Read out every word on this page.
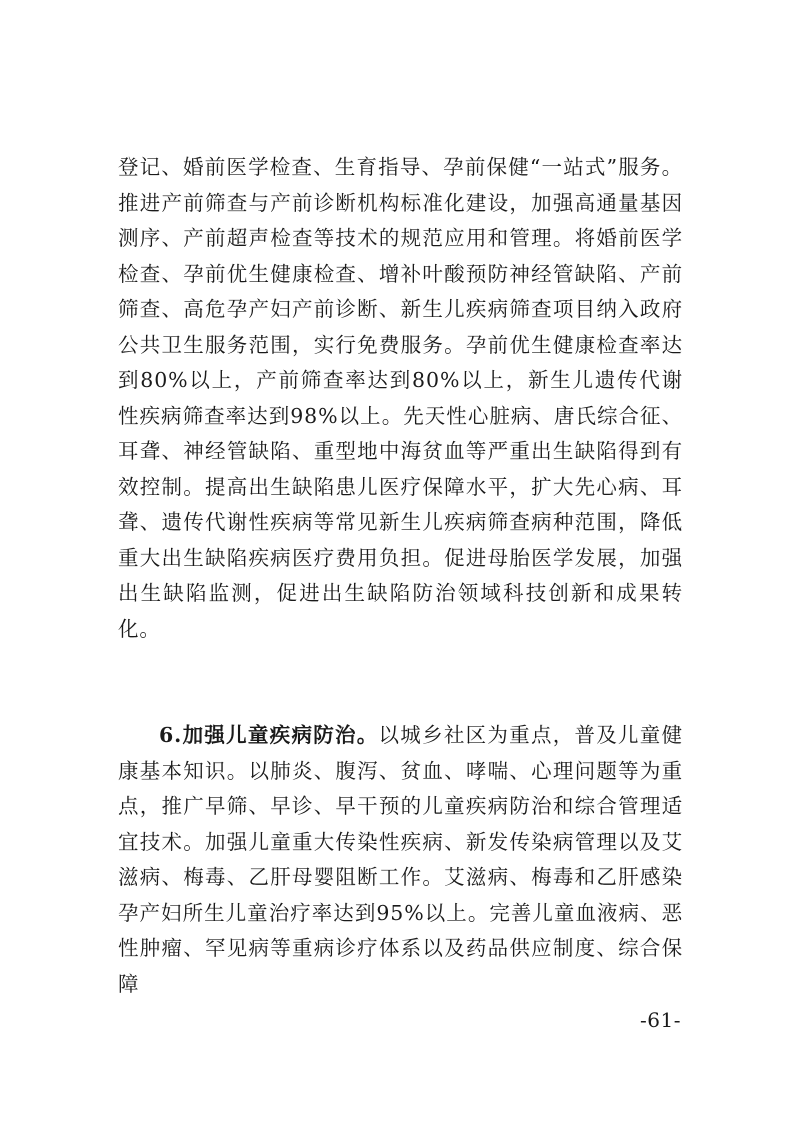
登记、婚前医学检查、生育指导、孕前保健“一站式”服务。推进产前筛查与产前诊断机构标准化建设，加强高通量基因测序、产前超声检查等技术的规范应用和管理。将婚前医学检查、孕前优生健康检查、增补叶酸预防神经管缺陷、产前筛查、高危孕产妇产前诊断、新生儿疾病筛查项目纳入政府公共卫生服务范围，实行免费服务。孕前优生健康检查率达到80%以上，产前筛查率达到80%以上，新生儿遗传代谢性疾病筛查率达到98%以上。先天性心脏病、唐氏综合征、耳聋、神经管缺陷、重型地中海贫血等严重出生缺陷得到有效控制。提高出生缺陷患儿医疗保障水平，扩大先心病、耳聋、遗传代谢性疾病等常见新生儿疾病筛查病种范围，降低重大出生缺陷疾病医疗费用负担。促进母胎医学发展，加强出生缺陷监测，促进出生缺陷防治领域科技创新和成果转化。

6.加强儿童疾病防治。以城乡社区为重点，普及儿童健康基本知识。以肺炎、腹泻、贫血、哮喘、心理问题等为重点，推广早筛、早诊、早干预的儿童疾病防治和综合管理适宜技术。加强儿童重大传染性疾病、新发传染病管理以及艾滋病、梅毒、乙肝母婴阻断工作。艾滋病、梅毒和乙肝感染孕产妇所生儿童治疗率达到95%以上。完善儿童血液病、恶性肿瘤、罕见病等重病诊疗体系以及药品供应制度、综合保障

-61-
